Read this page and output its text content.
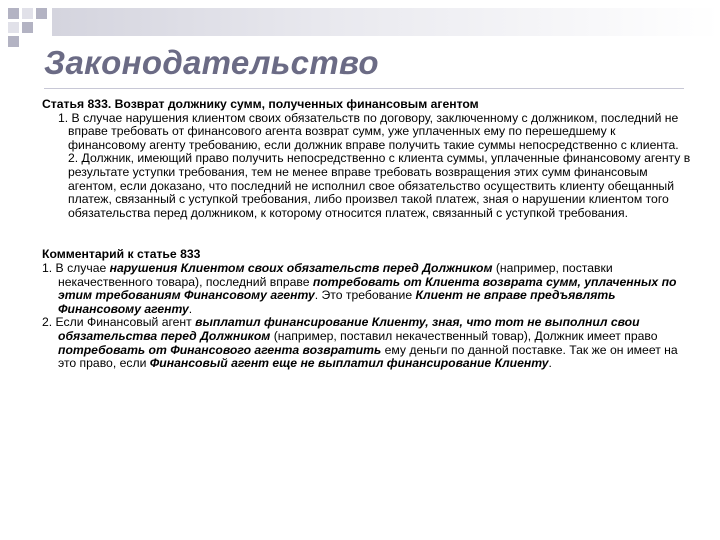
Законодательство

Статья 833. Возврат должнику сумм, полученных финансовым агентом

1. В случае нарушения клиентом своих обязательств по договору, заключенному с должником, последний не вправе требовать от финансового агента возврат сумм, уже уплаченных ему по перешедшему к финансовому агенту требованию, если должник вправе получить такие суммы непосредственно с клиента.

2. Должник, имеющий право получить непосредственно с клиента суммы, уплаченные финансовому агенту в результате уступки требования, тем не менее вправе требовать возвращения этих сумм финансовым агентом, если доказано, что последний не исполнил свое обязательство осуществить клиенту обещанный платеж, связанный с уступкой требования, либо произвел такой платеж, зная о нарушении клиентом того обязательства перед должником, к которому относится платеж, связанный с уступкой требования.

Комментарий к статье 833

1. В случае нарушения Клиентом своих обязательств перед Должником (например, поставки некачественного товара), последний вправе потребовать от Клиента возврата сумм, уплаченных по этим требованиям Финансовому агенту. Это требование Клиент не вправе предъявлять Финансовому агенту.

2. Если Финансовый агент выплатил финансирование Клиенту, зная, что тот не выполнил свои обязательства перед Должником (например, поставил некачественный товар), Должник имеет право потребовать от Финансового агента возвратить ему деньги по данной поставке. Так же он имеет на это право, если Финансовый агент еще не выплатил финансирование Клиенту.
